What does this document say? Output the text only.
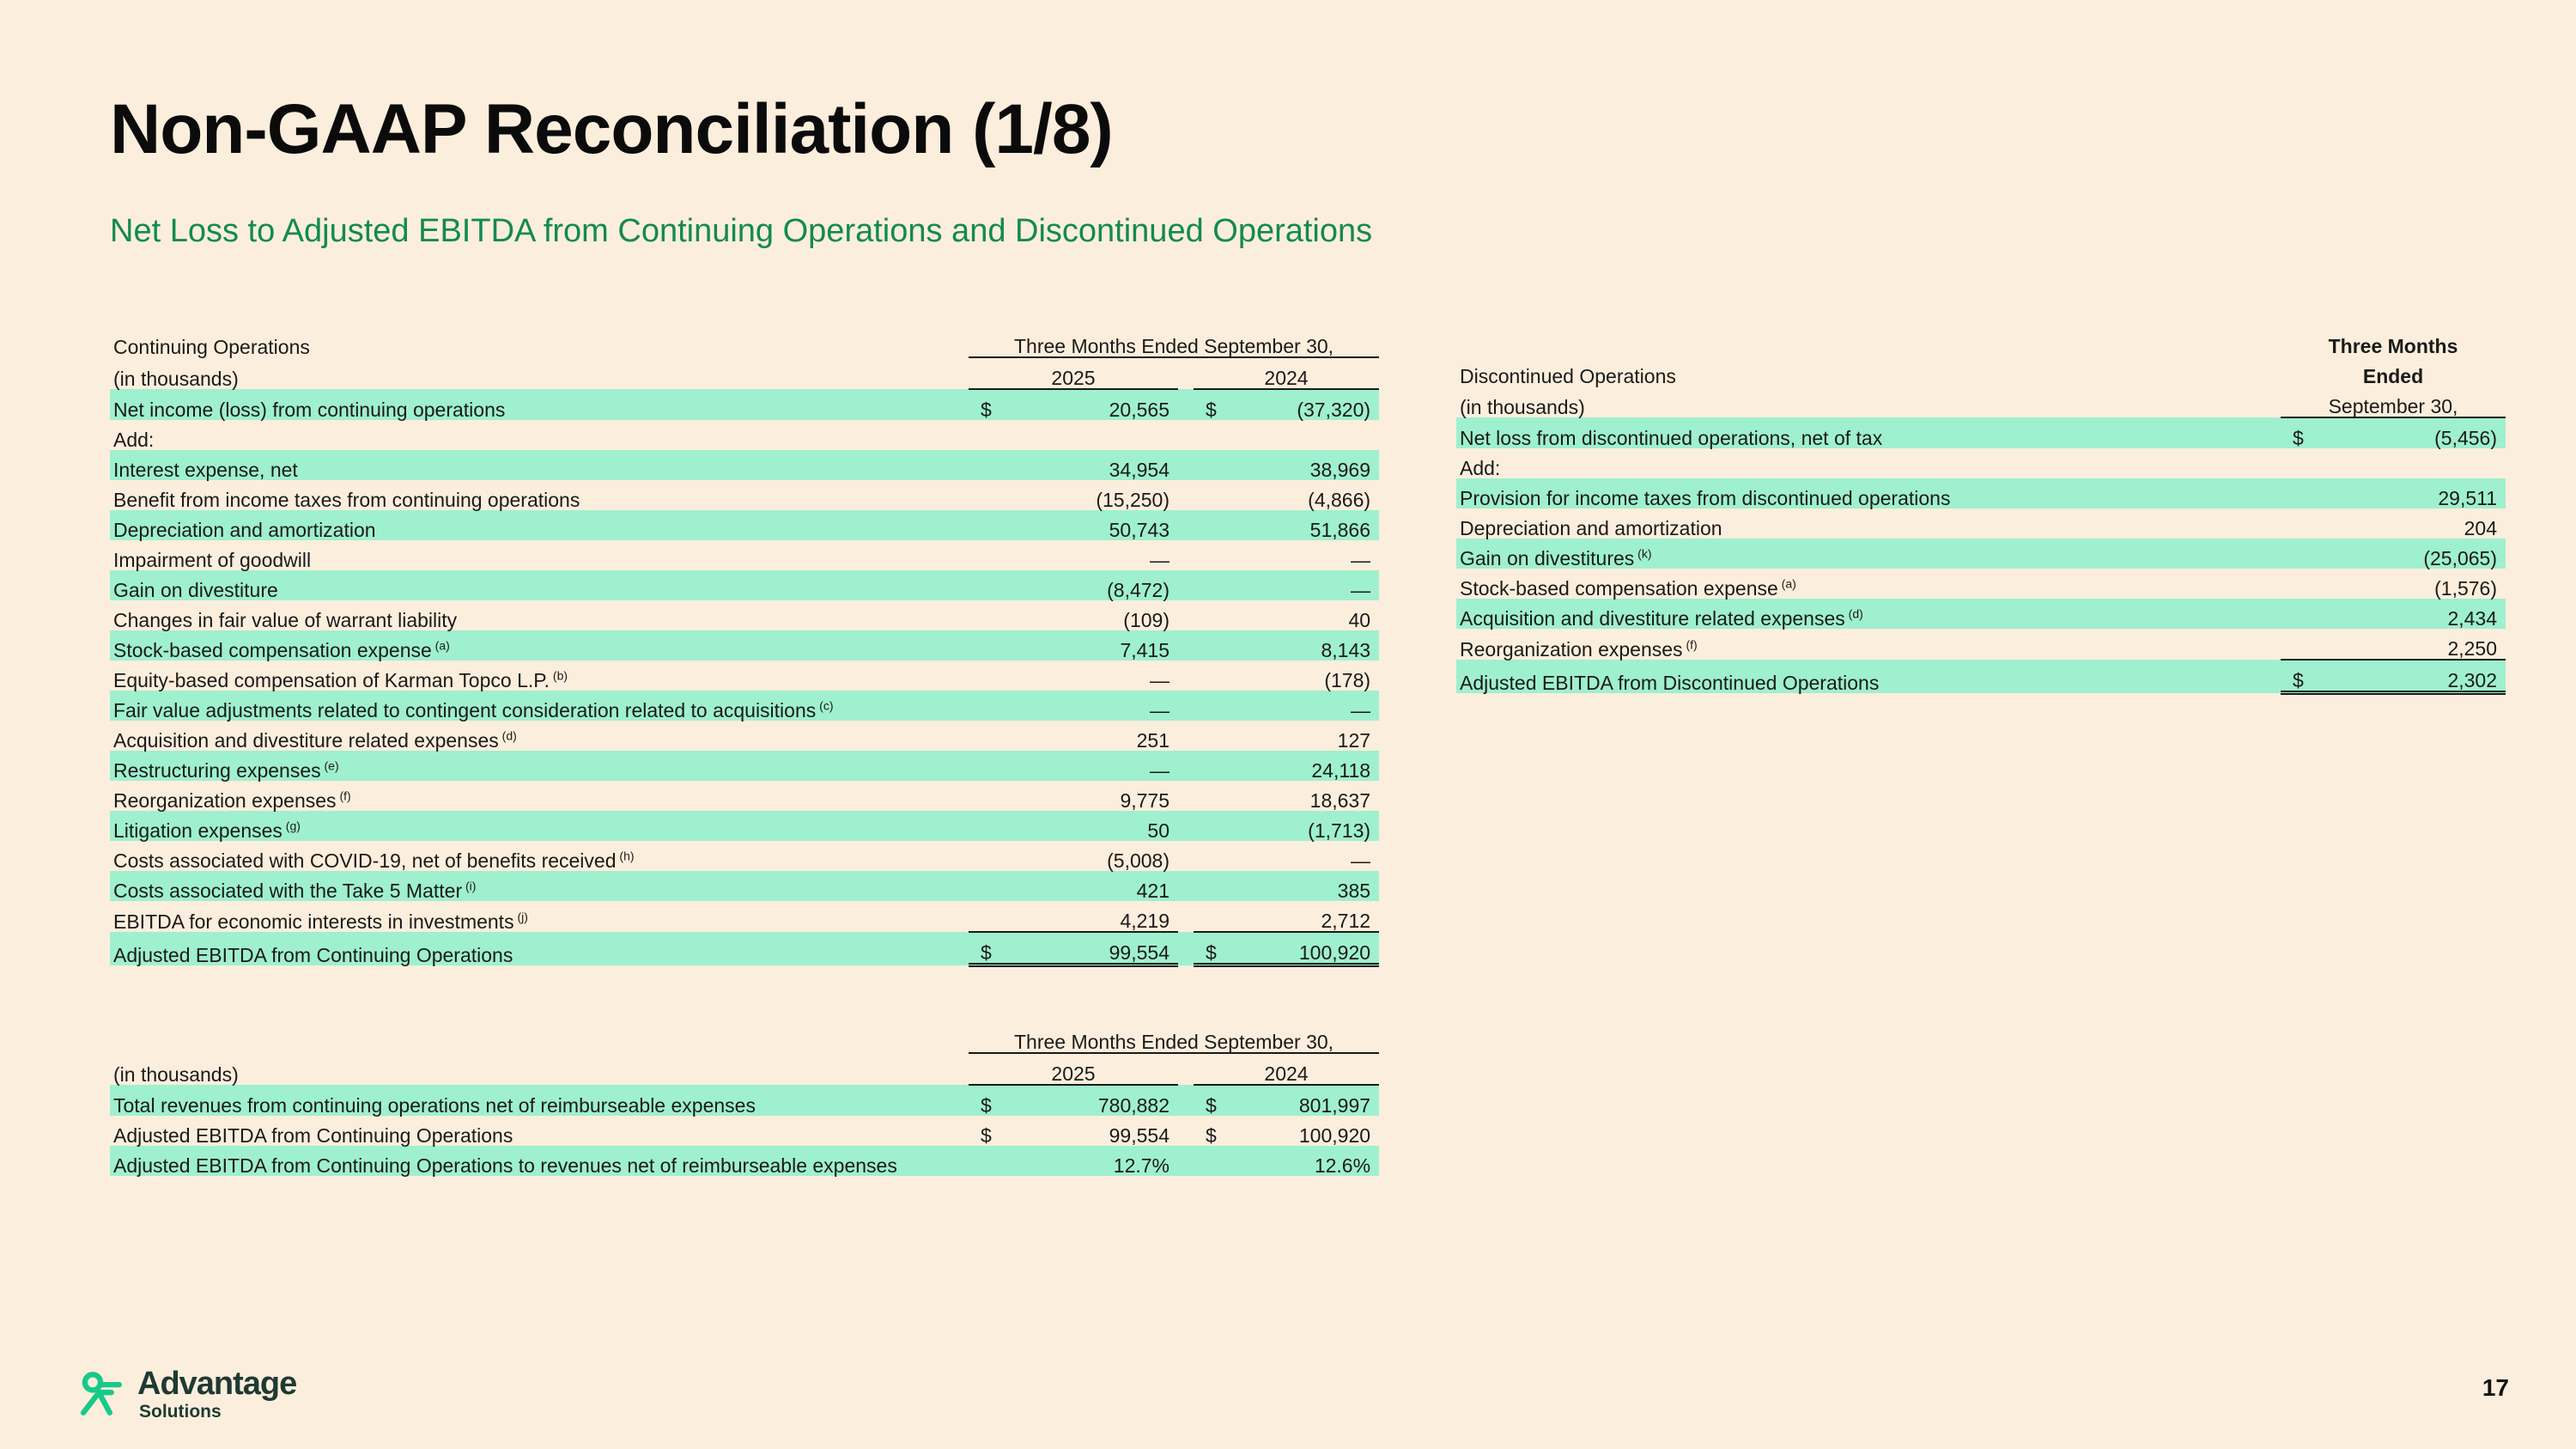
Non-GAAP Reconciliation (1/8)
Net Loss to Adjusted EBITDA from Continuing Operations and Discontinued Operations
Continuing Operations	Three Months Ended September 30,				
(in thousands)	2025			2024	
Net income (loss) from continuing operations	$	20,565		$	(37,320)
Add:					
Interest expense, net		34,954			38,969
Benefit from income taxes from continuing operations		(15,250)			(4,866)
Depreciation and amortization		50,743			51,866
Impairment of goodwill		—			—
Gain on divestiture		(8,472)			—
Changes in fair value of warrant liability		(109)			40
Stock-based compensation expense $^{(a)}$		7,415			8,143
Equity-based compensation of Karman Topco L.P. $^{(b)}$		—			(178)
Fair value adjustments related to contingent consideration related to acquisitions $^{(c)}$		—			—
Acquisition and divestiture related expenses $^{(d)}$		251			127
Restructuring expenses $^{(e)}$		—			24,118
Reorganization expenses $^{(f)}$		9,775			18,637
Litigation expenses $^{(g)}$		50			(1,713)
Costs associated with COVID-19, net of benefits received $^{(h)}$		(5,008)			—
Costs associated with the Take 5 Matter $^{(i)}$		421			385
EBITDA for economic interests in investments $^{(j)}$		4,219			2,712
Adjusted EBITDA from Continuing Operations	$	99,554		$	100,920
	Three Months	
Discontinued Operations	Ended	
(in thousands)	September 30,	
Net loss from discontinued operations, net of tax	$	(5,456)
Add:		
Provision for income taxes from discontinued operations		29,511
Depreciation and amortization		204
Gain on divestitures $^{(k)}$		(25,065)
Stock-based compensation expense $^{(a)}$		(1,576)
Acquisition and divestiture related expenses $^{(d)}$		2,434
Reorganization expenses $^{(f)}$		2,250
Adjusted EBITDA from Discontinued Operations	$	2,302
	Three Months Ended September 30,				
(in thousands)	2025			2024	
Total revenues from continuing operations net of reimburseable expenses	$	780,882		$	801,997
Adjusted EBITDA from Continuing Operations	$	99,554		$	100,920
Adjusted EBITDA from Continuing Operations to revenues net of reimburseable expenses		12.7%			12.6%
Advantage
Solutions
17
